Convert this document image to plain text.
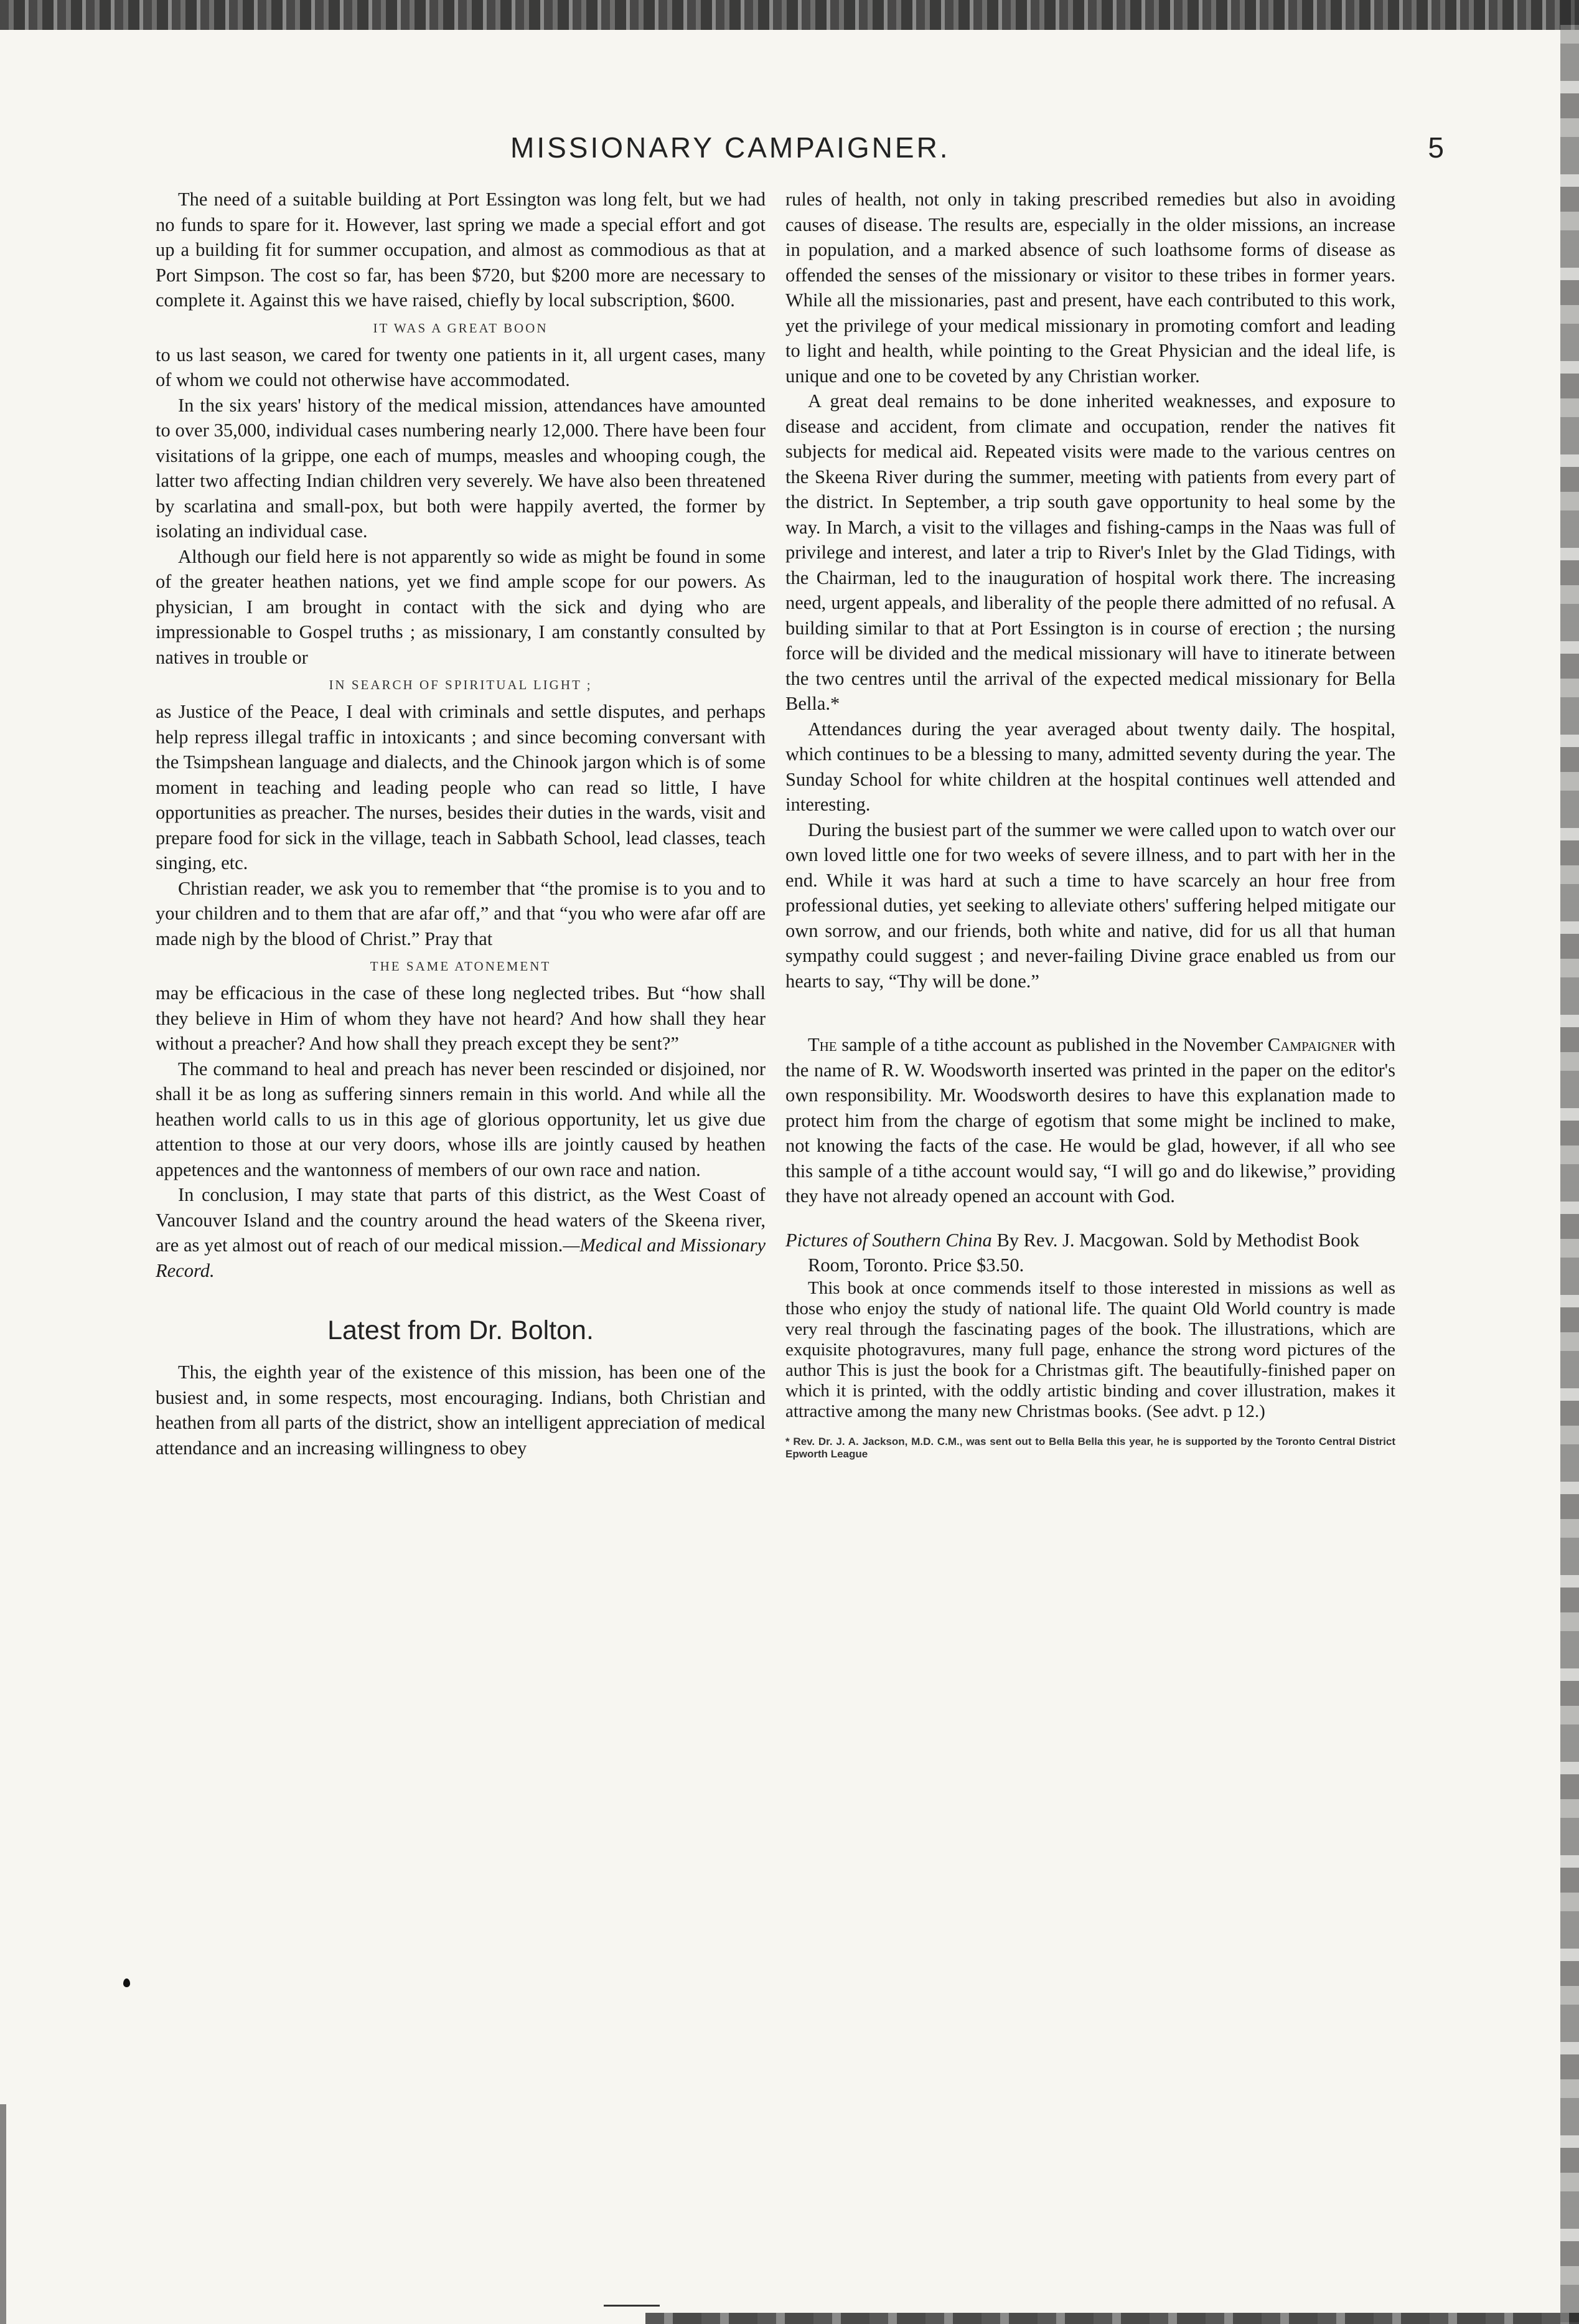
MISSIONARY CAMPAIGNER.	5

The need of a suitable building at Port Essington was long felt, but we had no funds to spare for it. However, last spring we made a special effort and got up a building fit for summer occupation, and almost as commodious as that at Port Simpson. The cost so far, has been $720, but $200 more are necessary to complete it. Against this we have raised, chiefly by local subscription, $600.

IT WAS A GREAT BOON

to us last season, we cared for twenty one patients in it, all urgent cases, many of whom we could not otherwise have accommodated.

In the six years' history of the medical mission, attendances have amounted to over 35,000, individual cases numbering nearly 12,000. There have been four visitations of la grippe, one each of mumps, measles and whooping cough, the latter two affecting Indian children very severely. We have also been threatened by scarlatina and small-pox, but both were happily averted, the former by isolating an individual case.

Although our field here is not apparently so wide as might be found in some of the greater heathen nations, yet we find ample scope for our powers. As physician, I am brought in contact with the sick and dying who are impressionable to Gospel truths ; as missionary, I am constantly consulted by natives in trouble or

IN SEARCH OF SPIRITUAL LIGHT ;

as Justice of the Peace, I deal with criminals and settle disputes, and perhaps help repress illegal traffic in intoxicants ; and since becoming conversant with the Tsimpshean language and dialects, and the Chinook jargon which is of some moment in teaching and leading people who can read so little, I have opportunities as preacher. The nurses, besides their duties in the wards, visit and prepare food for sick in the village, teach in Sabbath School, lead classes, teach singing, etc.

Christian reader, we ask you to remember that “the promise is to you and to your children and to them that are afar off,” and that “you who were afar off are made nigh by the blood of Christ.” Pray that

THE SAME ATONEMENT

may be efficacious in the case of these long neglected tribes. But “how shall they believe in Him of whom they have not heard? And how shall they hear without a preacher? And how shall they preach except they be sent?”

The command to heal and preach has never been rescinded or disjoined, nor shall it be as long as suffering sinners remain in this world. And while all the heathen world calls to us in this age of glorious opportunity, let us give due attention to those at our very doors, whose ills are jointly caused by heathen appetences and the wantonness of members of our own race and nation.

In conclusion, I may state that parts of this district, as the West Coast of Vancouver Island and the country around the head waters of the Skeena river, are as yet almost out of reach of our medical mission.—Medical and Missionary Record.

Latest from Dr. Bolton.

This, the eighth year of the existence of this mission, has been one of the busiest and, in some respects, most encouraging. Indians, both Christian and heathen from all parts of the district, show an intelligent appreciation of medical attendance and an increasing willingness to obey

rules of health, not only in taking prescribed remedies but also in avoiding causes of disease. The results are, especially in the older missions, an increase in population, and a marked absence of such loathsome forms of disease as offended the senses of the missionary or visitor to these tribes in former years. While all the missionaries, past and present, have each contributed to this work, yet the privilege of your medical missionary in promoting comfort and leading to light and health, while pointing to the Great Physician and the ideal life, is unique and one to be coveted by any Christian worker.

A great deal remains to be done inherited weaknesses, and exposure to disease and accident, from climate and occupation, render the natives fit subjects for medical aid. Repeated visits were made to the various centres on the Skeena River during the summer, meeting with patients from every part of the district. In September, a trip south gave opportunity to heal some by the way. In March, a visit to the villages and fishing-camps in the Naas was full of privilege and interest, and later a trip to River's Inlet by the Glad Tidings, with the Chairman, led to the inauguration of hospital work there. The increasing need, urgent appeals, and liberality of the people there admitted of no refusal. A building similar to that at Port Essington is in course of erection ; the nursing force will be divided and the medical missionary will have to itinerate between the two centres until the arrival of the expected medical missionary for Bella Bella.*

Attendances during the year averaged about twenty daily. The hospital, which continues to be a blessing to many, admitted seventy during the year. The Sunday School for white children at the hospital continues well attended and interesting.

During the busiest part of the summer we were called upon to watch over our own loved little one for two weeks of severe illness, and to part with her in the end. While it was hard at such a time to have scarcely an hour free from professional duties, yet seeking to alleviate others' suffering helped mitigate our own sorrow, and our friends, both white and native, did for us all that human sympathy could suggest ; and never-failing Divine grace enabled us from our hearts to say, “Thy will be done.”

The sample of a tithe account as published in the November Campaigner with the name of R. W. Woodsworth inserted was printed in the paper on the editor's own responsibility. Mr. Woodsworth desires to have this explanation made to protect him from the charge of egotism that some might be inclined to make, not knowing the facts of the case. He would be glad, however, if all who see this sample of a tithe account would say, “I will go and do likewise,” providing they have not already opened an account with God.

Pictures of Southern China By Rev. J. Macgowan. Sold by Methodist Book Room, Toronto. Price $3.50.

This book at once commends itself to those interested in missions as well as those who enjoy the study of national life. The quaint Old World country is made very real through the fascinating pages of the book. The illustrations, which are exquisite photogravures, many full page, enhance the strong word pictures of the author This is just the book for a Christmas gift. The beautifully-finished paper on which it is printed, with the oddly artistic binding and cover illustration, makes it attractive among the many new Christmas books. (See advt. p 12.)

* Rev. Dr. J. A. Jackson, M.D. C.M., was sent out to Bella Bella this year, he is supported by the Toronto Central District Epworth League
